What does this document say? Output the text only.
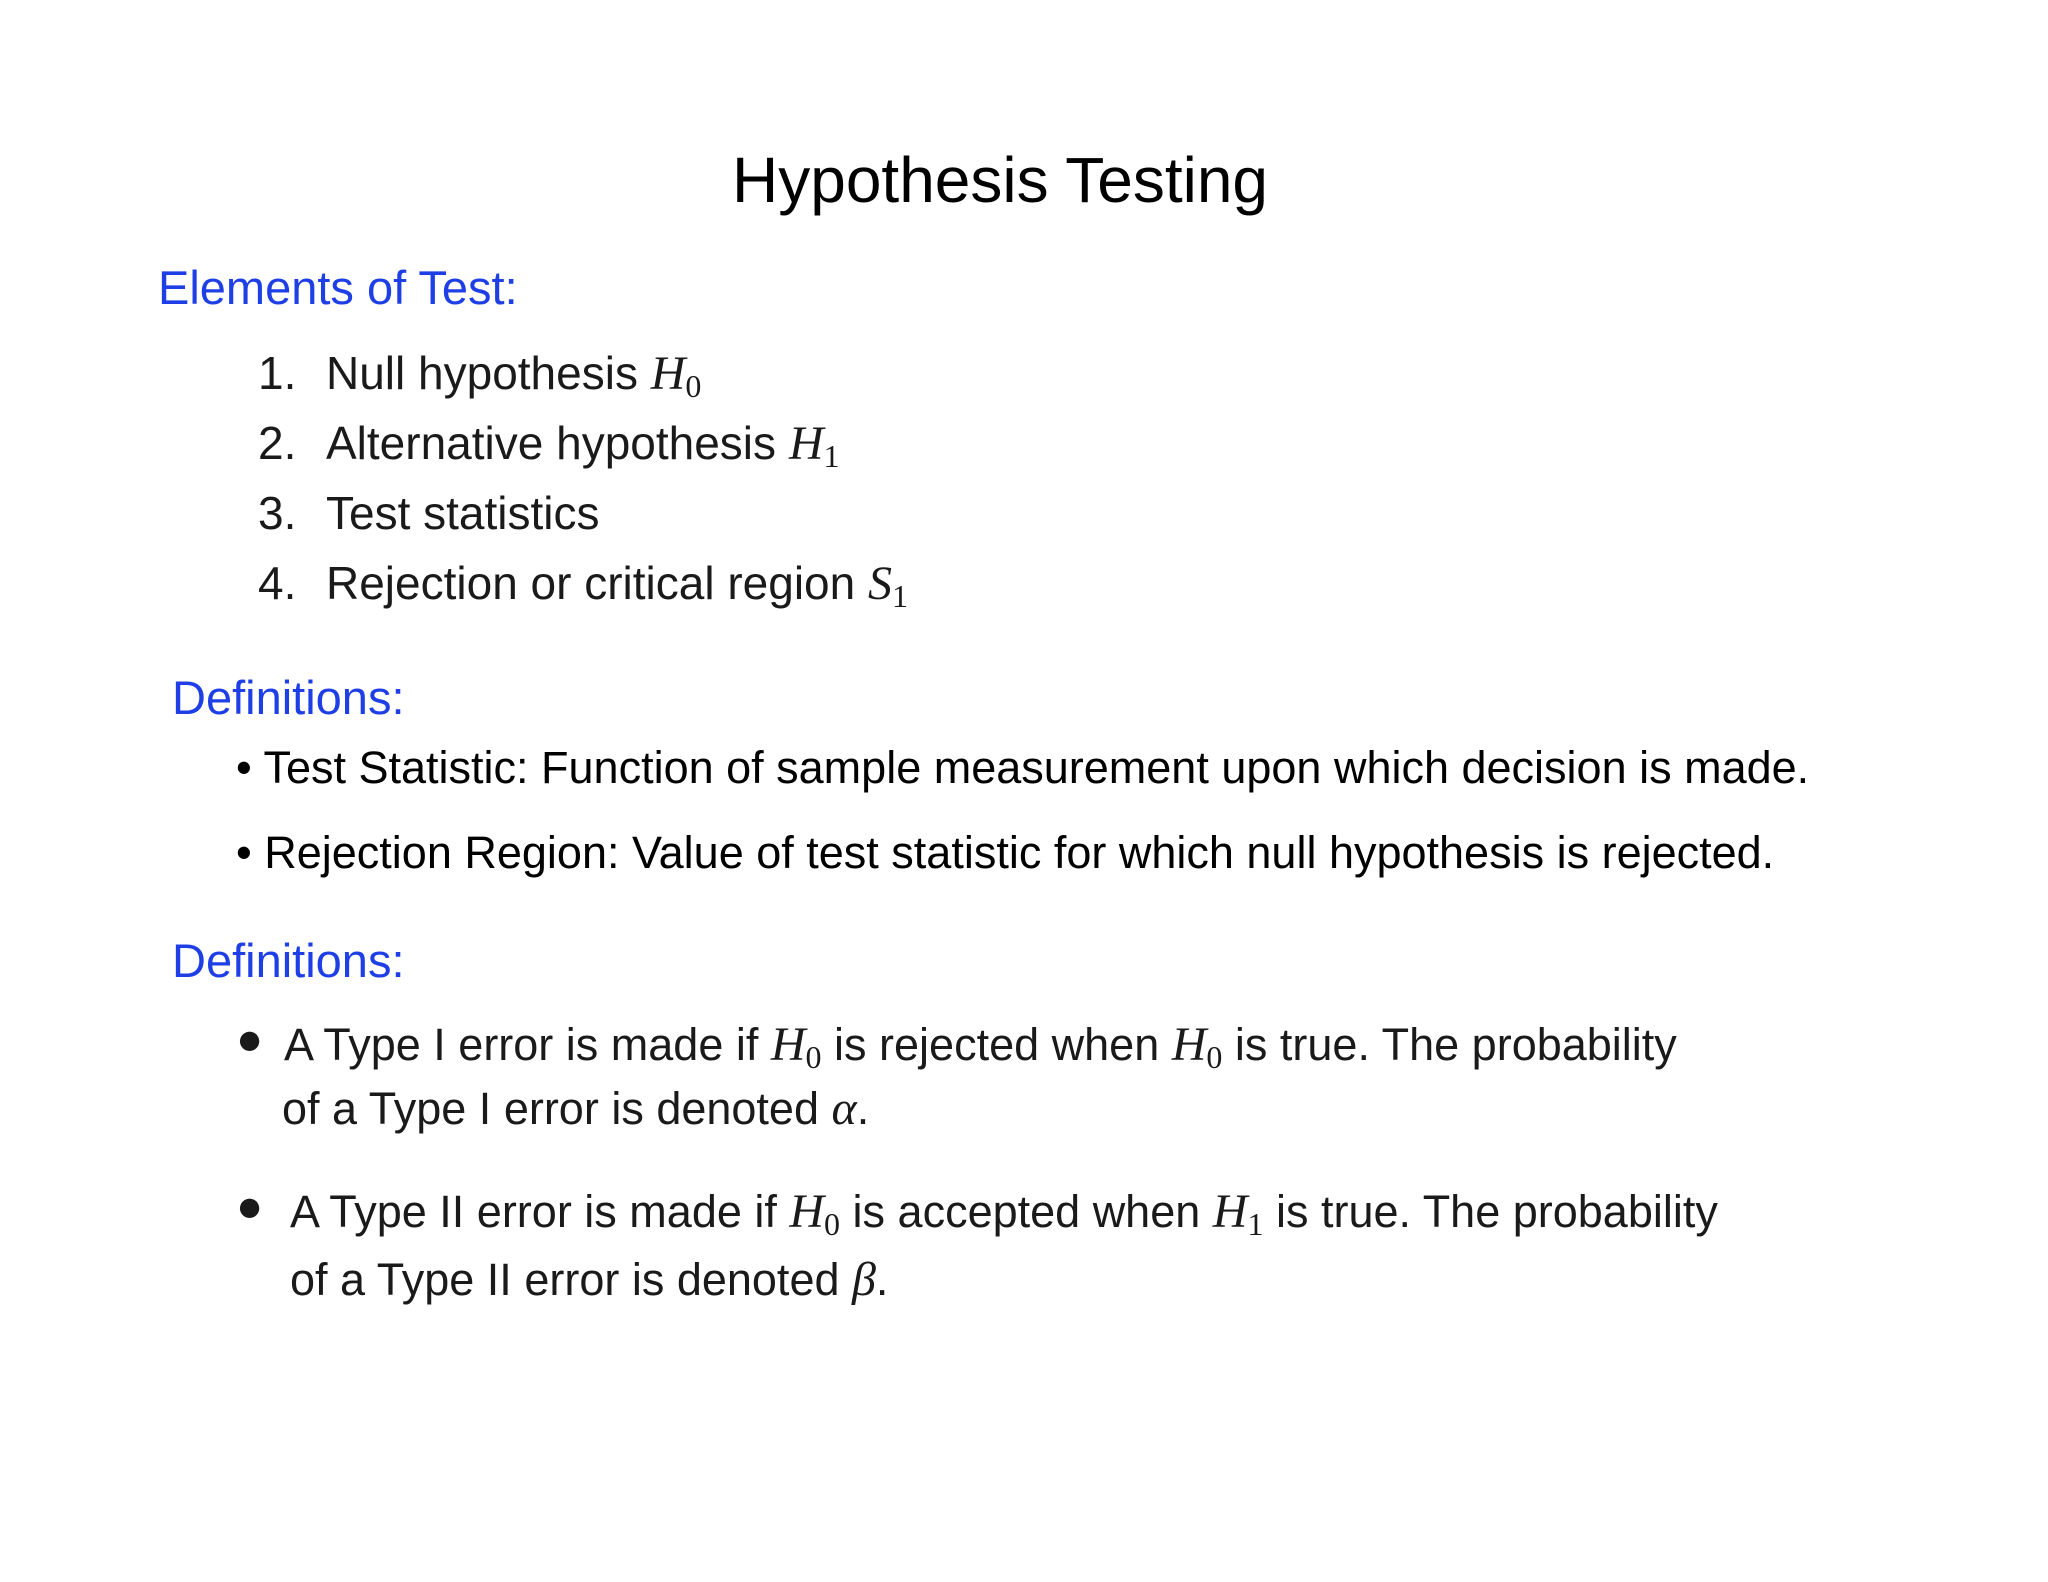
Hypothesis Testing
Elements of Test:
1. Null hypothesis $H_0$
2. Alternative hypothesis $H_1$
3. Test statistics
4. Rejection or critical region $S_1$
Definitions:
• Test Statistic: Function of sample measurement upon which decision is made.
• Rejection Region: Value of test statistic for which null hypothesis is rejected.
Definitions:
● A Type I error is made if $H_0$ is rejected when $H_0$ is true. The probability
of a Type I error is denoted α.
● A Type II error is made if $H_0$ is accepted when $H_1$ is true. The probability
of a Type II error is denoted β.
